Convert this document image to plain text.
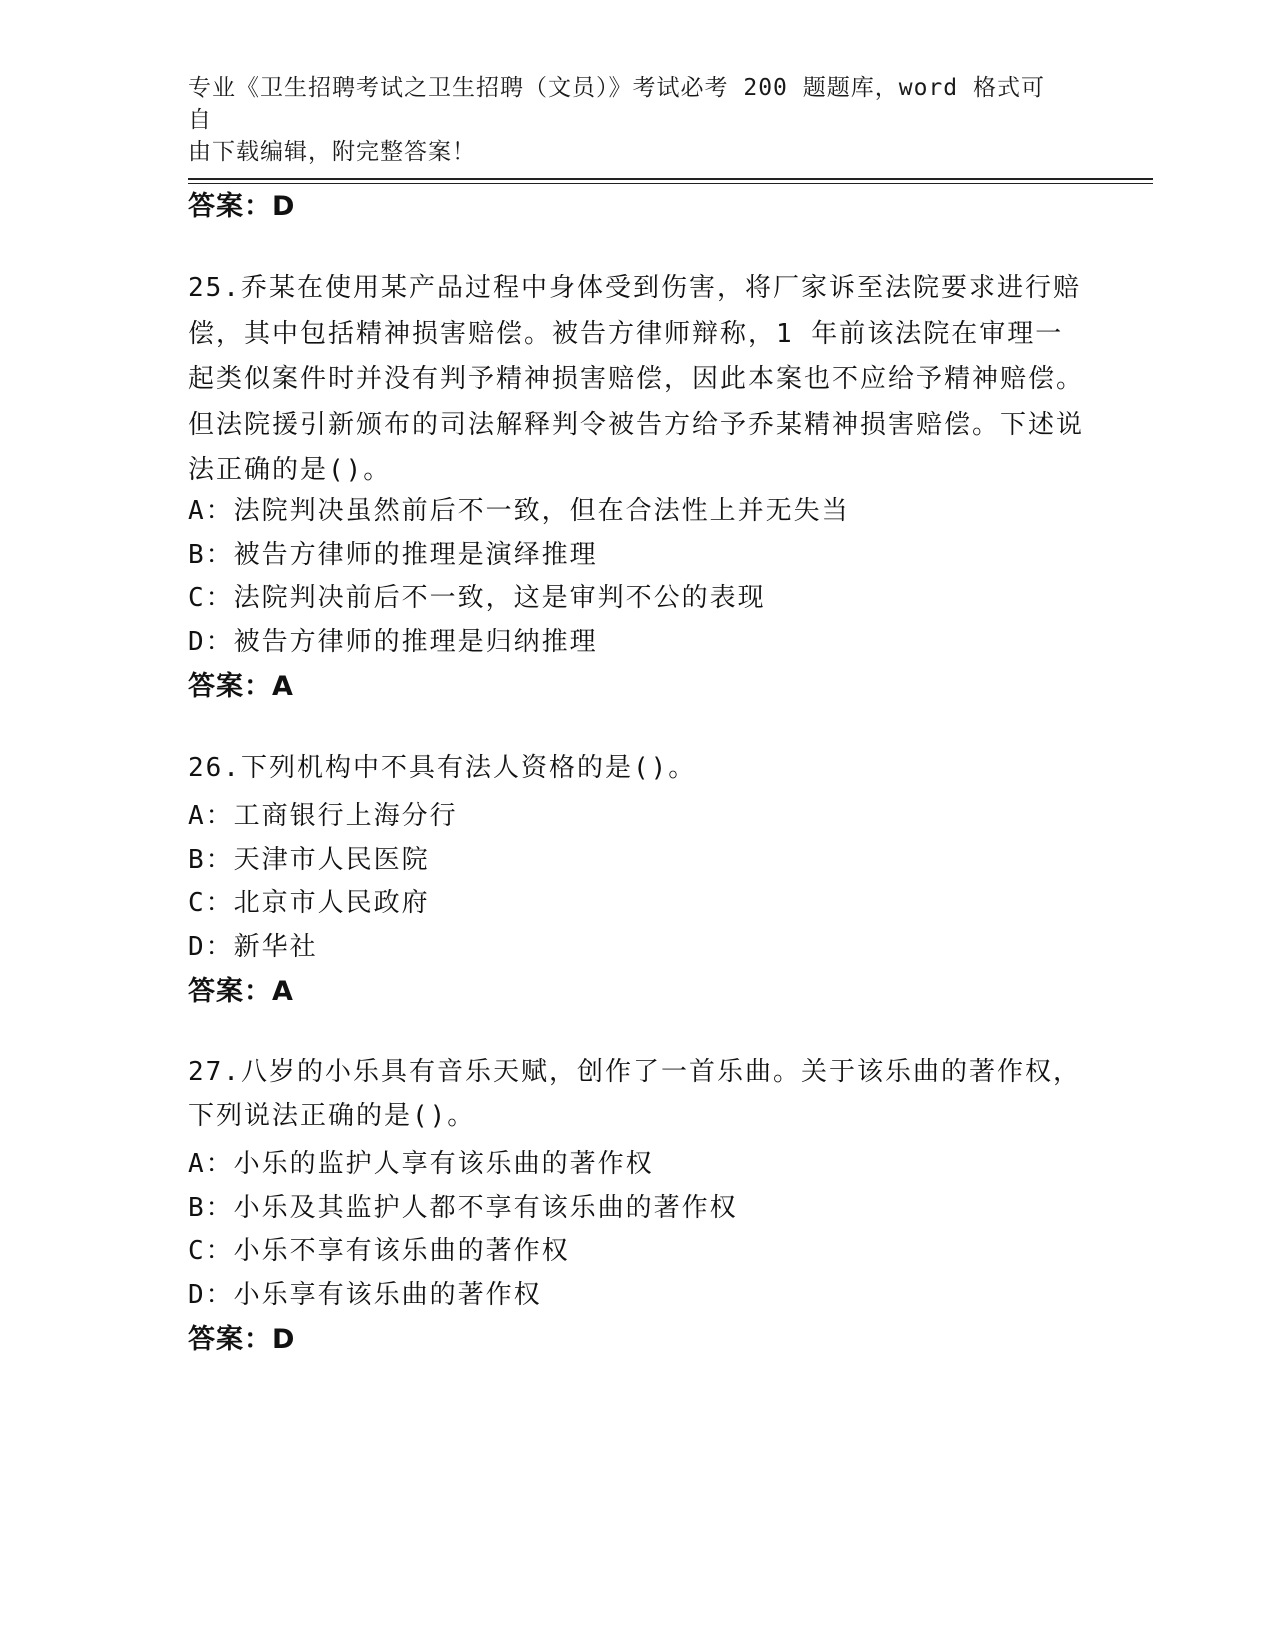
专业《卫生招聘考试之卫生招聘（文员）》考试必考 200 题题库，word 格式可自
由下载编辑，附完整答案！
答案：D
25.乔某在使用某产品过程中身体受到伤害，将厂家诉至法院要求进行赔偿，其中包括精神损害赔偿。被告方律师辩称，1 年前该法院在审理一起类似案件时并没有判予精神损害赔偿，因此本案也不应给予精神赔偿。但法院援引新颁布的司法解释判令被告方给予乔某精神损害赔偿。下述说法正确的是()。
A：法院判决虽然前后不一致，但在合法性上并无失当
B：被告方律师的推理是演绎推理
C：法院判决前后不一致，这是审判不公的表现
D：被告方律师的推理是归纳推理
答案：A
26.下列机构中不具有法人资格的是()。
A：工商银行上海分行
B：天津市人民医院
C：北京市人民政府
D：新华社
答案：A
27.八岁的小乐具有音乐天赋，创作了一首乐曲。关于该乐曲的著作权，下列说法正确的是()。
A：小乐的监护人享有该乐曲的著作权
B：小乐及其监护人都不享有该乐曲的著作权
C：小乐不享有该乐曲的著作权
D：小乐享有该乐曲的著作权
答案：D
